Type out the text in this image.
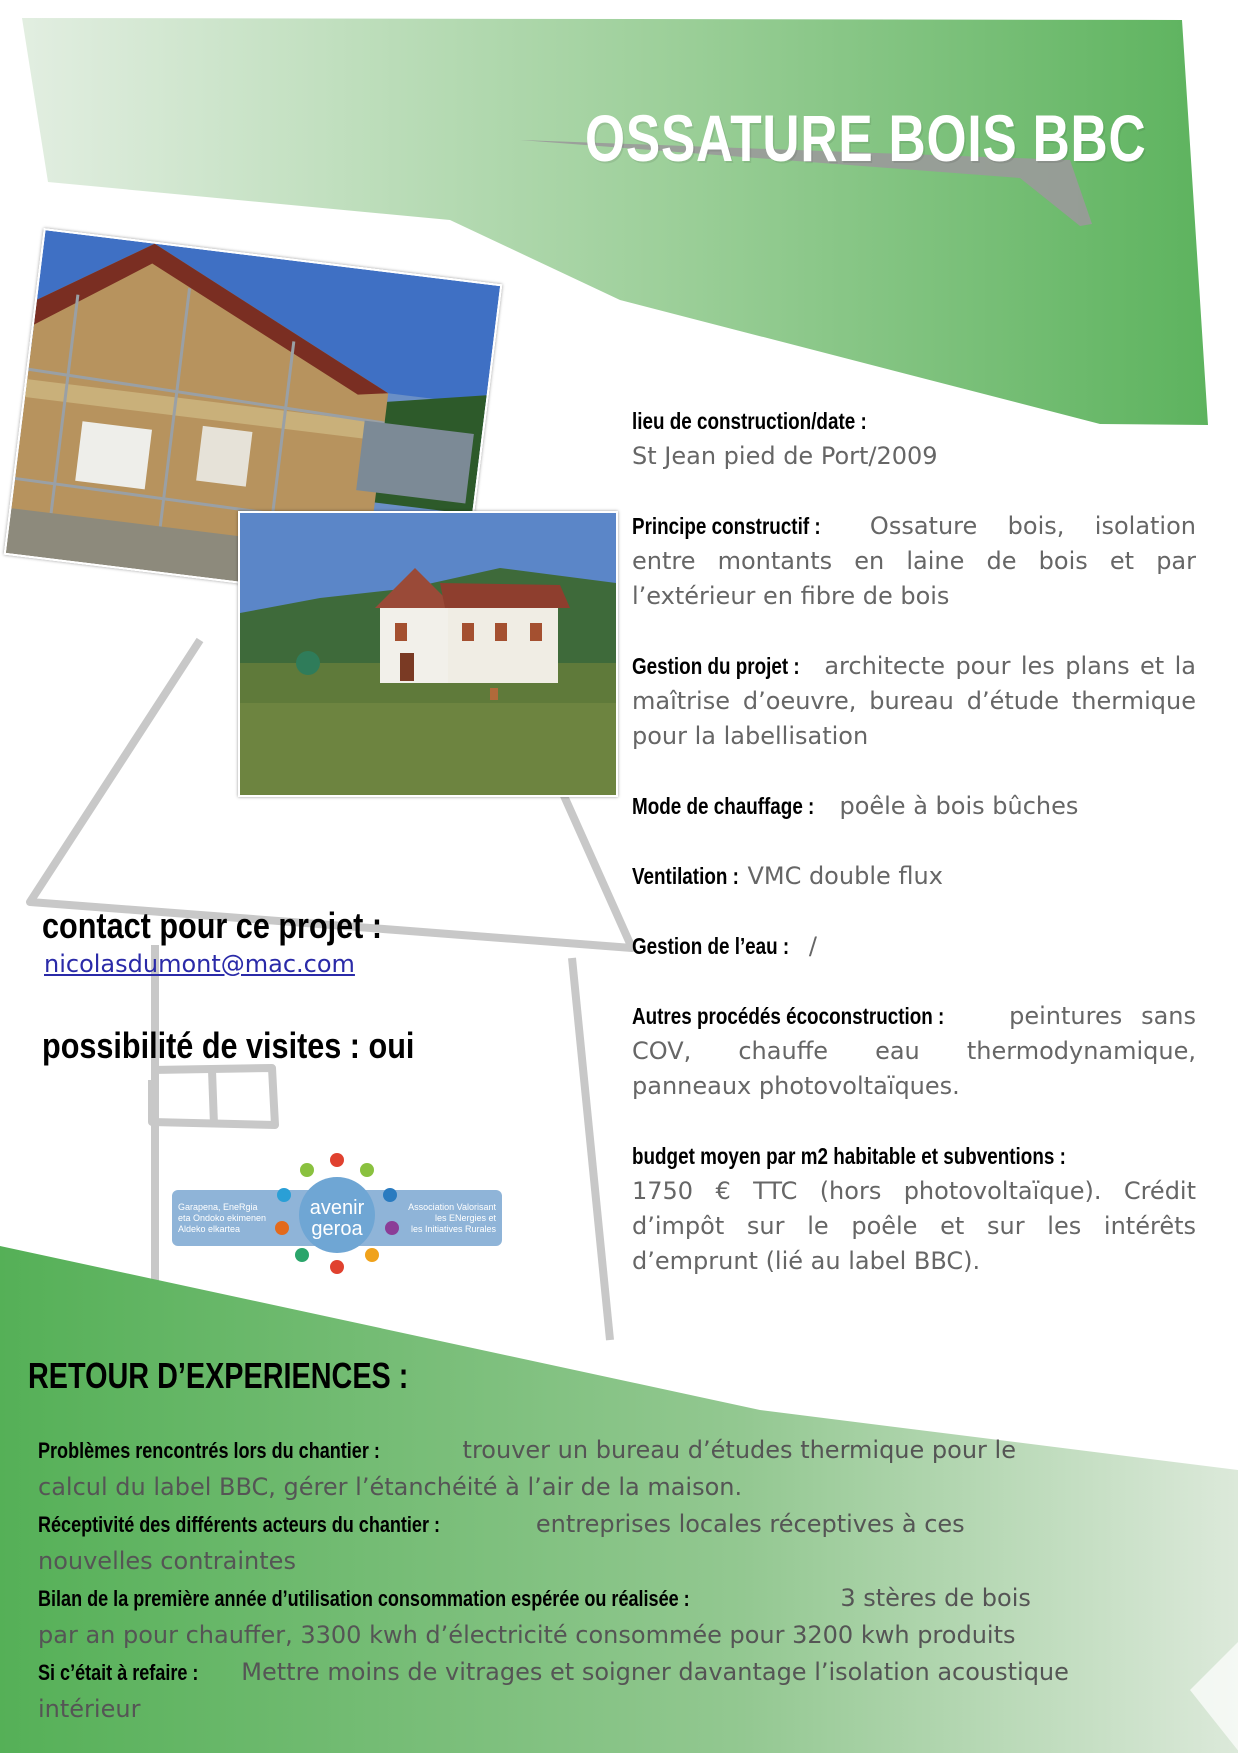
OSSATURE BOIS BBC

lieu de construction/date :
St Jean pied de Port/2009

Principe constructif : Ossature bois, isolation entre montants en laine de bois et par l’extérieur en fibre de bois

Gestion du projet : architecte pour les plans et la maîtrise d’oeuvre, bureau d’étude thermique pour la labellisation

Mode de chauffage : poêle à bois bûches

Ventilation : VMC double flux

Gestion de l’eau : /

Autres procédés écoconstruction :	peintures sans COV, chauffe eau thermodynamique, panneaux photovoltaïques.

budget moyen par m2 habitable et subventions :
1750 € TTC (hors photovoltaïque). Crédit d’impôt sur le poêle et sur les intérêts d’emprunt (lié au label BBC).

contact pour ce projet :
nicolasdumont@mac.com
possibilité de visites : oui
avenir
geroa
Garapena, EneRgia
eta Ondoko ekimenen
Aldeko elkartea
Association Valorisant
les ENergies et
les Initiatives Rurales
RETOUR D’EXPERIENCES :

Problèmes rencontrés lors du chantier :	trouver un bureau d’études thermique pour le calcul du label BBC, gérer l’étanchéité à l’air de la maison.

Réceptivité des différents acteurs du chantier :	entreprises locales réceptives à ces nouvelles contraintes

Bilan de la première année d’utilisation consommation espérée ou réalisée :	3 stères de bois par an pour chauffer, 3300 kwh d’électricité consommée pour 3200 kwh produits

Si c’était à refaire : Mettre moins de vitrages et soigner davantage l’isolation acoustique intérieur
